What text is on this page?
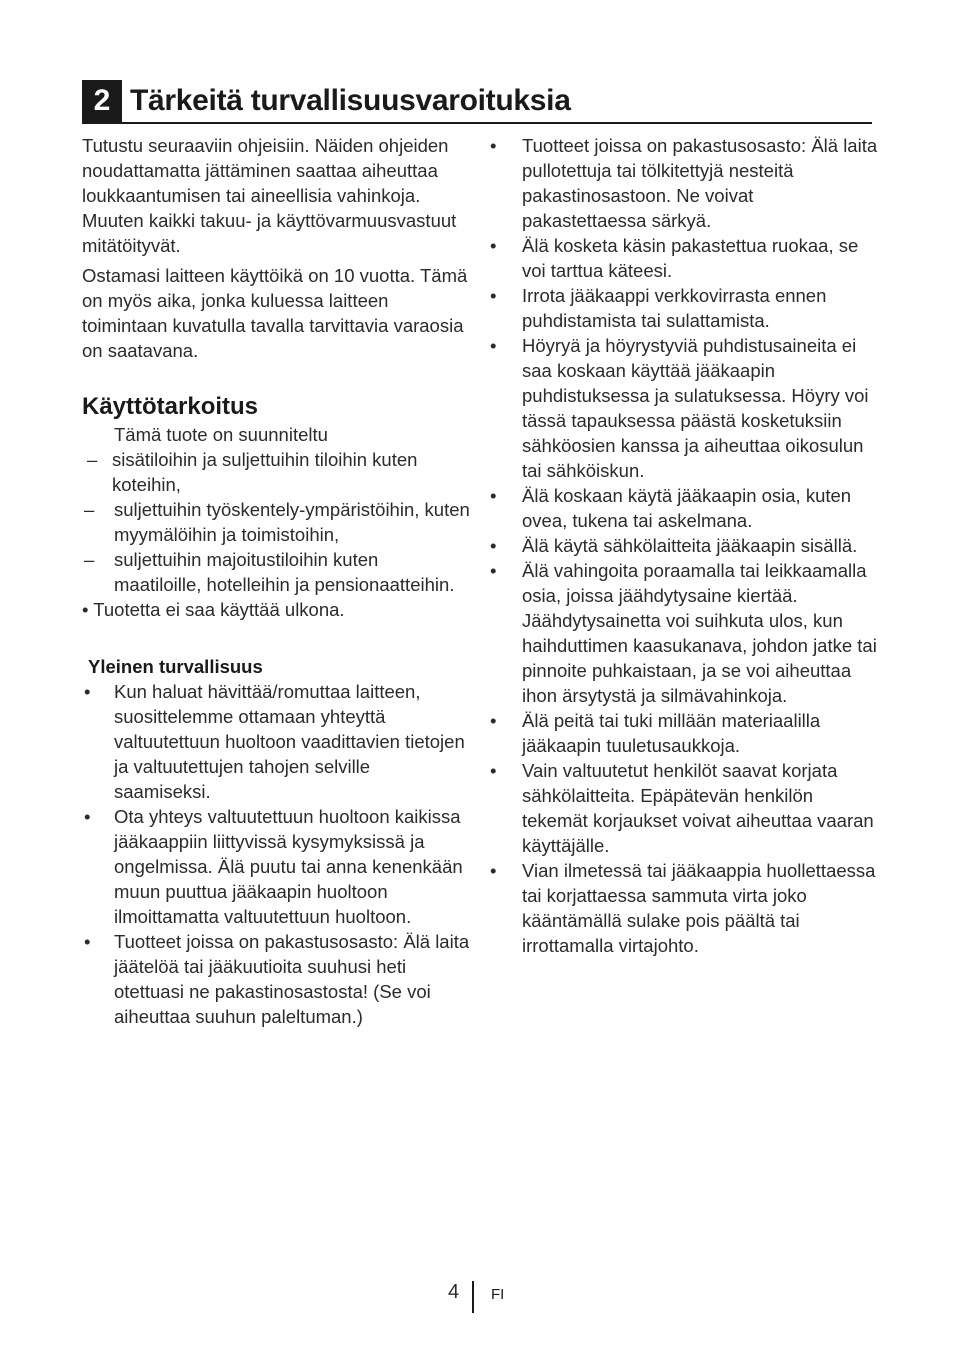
2 Tärkeitä turvallisuusvaroituksia

Tutustu seuraaviin ohjeisiin. Näiden ohjeiden noudattamatta jättäminen saattaa aiheuttaa loukkaantumisen tai aineellisia vahinkoja. Muuten kaikki takuu- ja käyttövarmuusvastuut mitätöityvät.

Ostamasi laitteen käyttöikä on 10 vuotta. Tämä on myös aika, jonka kuluessa laitteen toimintaan kuvatulla tavalla tarvittavia varaosia on saatavana.

Käyttötarkoitus

Tämä tuote on suunniteltu

– sisätiloihin ja suljettuihin tiloihin kuten koteihin,
– suljettuihin työskentely-ympäristöihin, kuten myymälöihin ja toimistoihin,
– suljettuihin majoitustiloihin kuten maatiloille, hotelleihin ja pensionaatteihin.

• Tuotetta ei saa käyttää ulkona.

Yleinen turvallisuus
• Kun haluat hävittää/romuttaa laitteen, suosittelemme ottamaan yhteyttä valtuutettuun huoltoon vaadittavien tietojen ja valtuutettujen tahojen selville saamiseksi.
• Ota yhteys valtuutettuun huoltoon kaikissa jääkaappiin liittyvissä kysymyksissä ja ongelmissa. Älä puutu tai anna kenenkään muun puuttua jääkaapin huoltoon ilmoittamatta valtuutettuun huoltoon.
• Tuotteet joissa on pakastusosasto: Älä laita jäätelöä tai jääkuutioita suuhusi heti otettuasi ne pakastinosastosta! (Se voi aiheuttaa suuhun paleltuman.)
• Tuotteet joissa on pakastusosasto: Älä laita pullotettuja tai tölkitettyjä nesteitä pakastinosastoon. Ne voivat pakastettaessa särkyä.
• Älä kosketa käsin pakastettua ruokaa, se voi tarttua käteesi.
• Irrota jääkaappi verkkovirrasta ennen puhdistamista tai sulattamista.
• Höyryä ja höyrystyviä puhdistusaineita ei saa koskaan käyttää jääkaapin puhdistuksessa ja sulatuksessa. Höyry voi tässä tapauksessa päästä kosketuksiin sähköosien kanssa ja aiheuttaa oikosulun tai sähköiskun.
• Älä koskaan käytä jääkaapin osia, kuten ovea, tukena tai askelmana.
• Älä käytä sähkölaitteita jääkaapin sisällä.
• Älä vahingoita poraamalla tai leikkaamalla osia, joissa jäähdytysaine kiertää. Jäähdytysainetta voi suihkuta ulos, kun haihduttimen kaasukanava, johdon jatke tai pinnoite puhkaistaan, ja se voi aiheuttaa ihon ärsytystä ja silmävahinkoja.
• Älä peitä tai tuki millään materiaalilla jääkaapin tuuletusaukkoja.
• Vain valtuutetut henkilöt saavat korjata sähkölaitteita. Epäpätevän henkilön tekemät korjaukset voivat aiheuttaa vaaran käyttäjälle.
• Vian ilmetessä tai jääkaappia huollettaessa tai korjattaessa sammuta virta joko kääntämällä sulake pois päältä tai irrottamalla virtajohto.
4 FI
